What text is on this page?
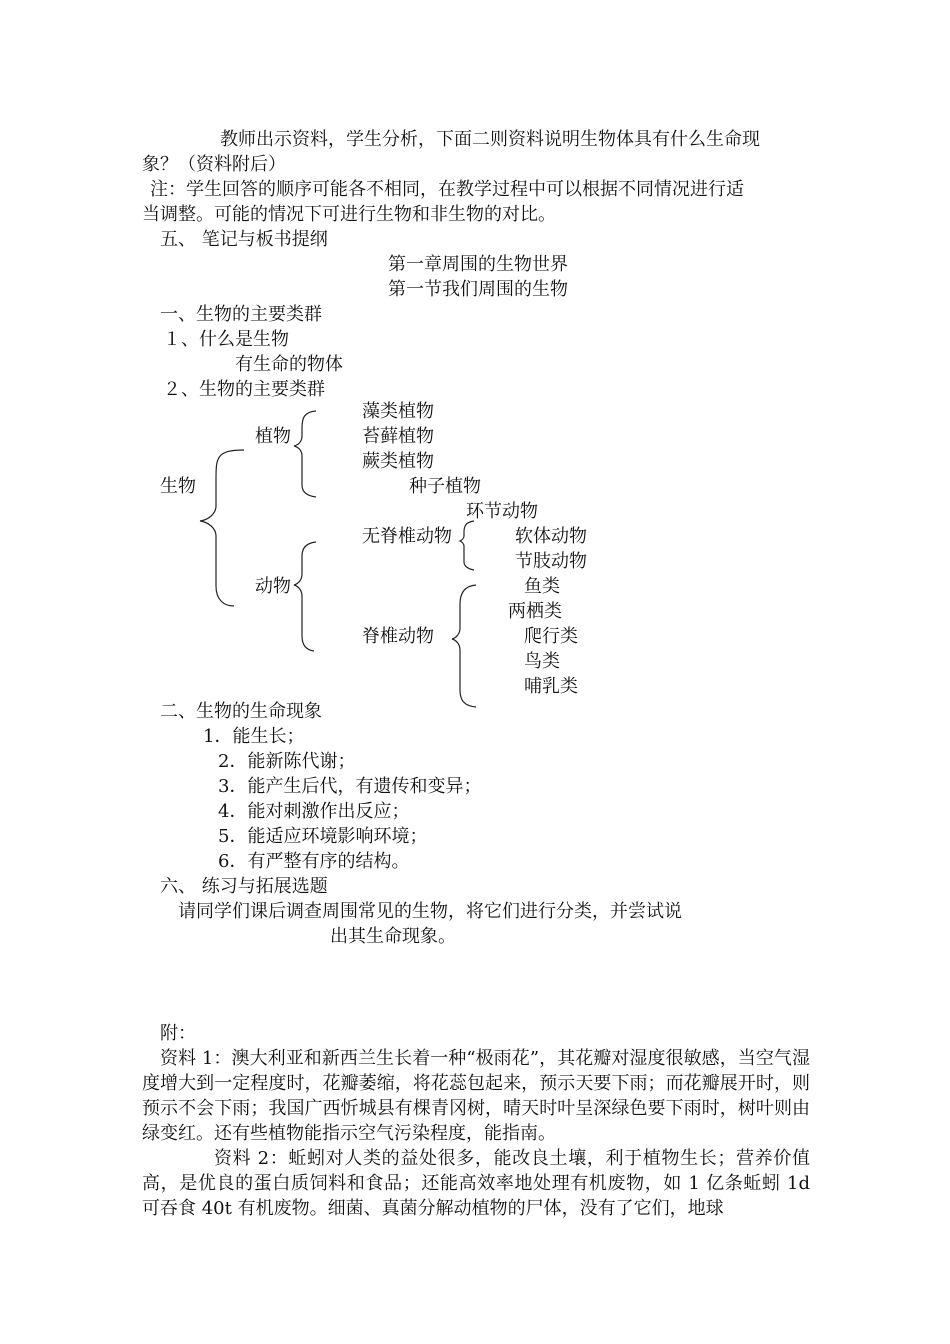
教师出示资料，学生分析，下面二则资料说明生物体具有什么生命现
象？（资料附后）
注：学生回答的顺序可能各不相同，在教学过程中可以根据不同情况进行适
当调整。可能的情况下可进行生物和非生物的对比。
五、 笔记与板书提纲
第一章周围的生物世界
第一节我们周围的生物
一、生物的主要类群
１、什么是生物
有生命的物体
２、生物的主要类群
生物
植物
藻类植物
苔藓植物
蕨类植物
种子植物
动物
无脊椎动物
环节动物
软体动物
节肢动物
脊椎动物
鱼类
两栖类
爬行类
鸟类
哺乳类
二、生物的生命现象
1．能生长；
2．能新陈代谢；
3．能产生后代，有遗传和变异；
4．能对刺激作出反应；
5．能适应环境影响环境；
6．有严整有序的结构。
六、 练习与拓展选题
请同学们课后调查周围常见的生物，将它们进行分类，并尝试说
出其生命现象。
附：
资料 1：澳大利亚和新西兰生长着一种“极雨花”，其花瓣对湿度很敏感，当空气湿度增大到一定程度时，花瓣萎缩，将花蕊包起来，预示天要下雨；而花瓣展开时，则预示不会下雨；我国广西忻城县有棵青冈树，晴天时叶呈深绿色要下雨时，树叶则由绿变红。还有些植物能指示空气污染程度，能指南。
资料 2：蚯蚓对人类的益处很多，能改良土壤，利于植物生长；营养价值高，是优良的蛋白质饲料和食品；还能高效率地处理有机废物，如 1 亿条蚯蚓 1d 可吞食 40t 有机废物。细菌、真菌分解动植物的尸体，没有了它们，地球
